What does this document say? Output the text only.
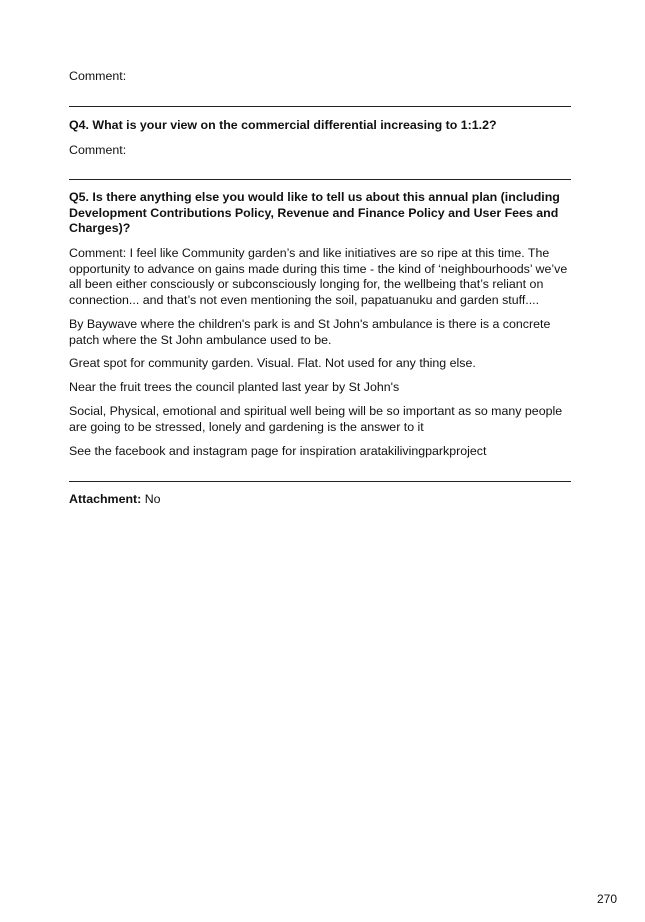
Comment:

Q4. What is your view on the commercial differential increasing to 1:1.2?

Comment:

Q5. Is there anything else you would like to tell us about this annual plan (including Development Contributions Policy, Revenue and Finance Policy and User Fees and Charges)?

Comment: I feel like Community garden’s and like initiatives are so ripe at this time. The opportunity to advance on gains made during this time - the kind of ‘neighbourhoods’ we’ve all been either consciously or subconsciously longing for, the wellbeing that’s reliant on connection... and that’s not even mentioning the soil, papatuanuku and garden stuff....

By Baywave where the children's park is and St John's ambulance is there is a concrete patch where the St John ambulance used to be.

Great spot for community garden. Visual. Flat. Not used for any thing else.

Near the fruit trees the council planted last year by St John's

Social, Physical, emotional and spiritual well being will be so important as so many people are going to be stressed, lonely and gardening is the answer to it

See the facebook and instagram page for inspiration aratakilivingparkproject

Attachment: No

270
